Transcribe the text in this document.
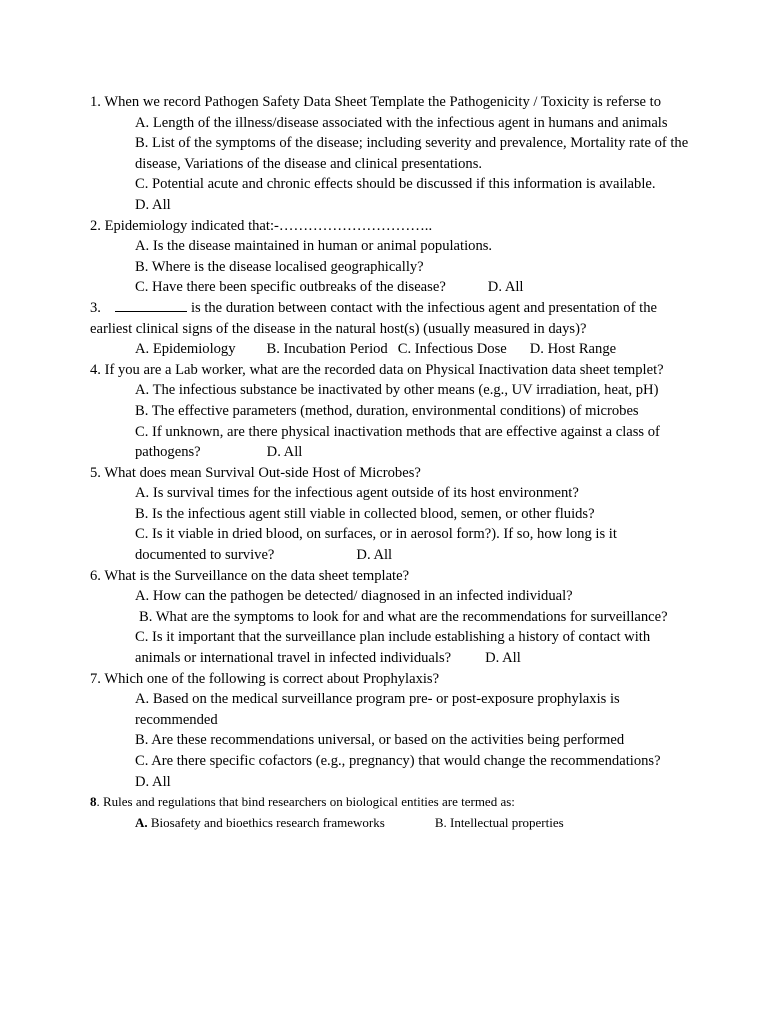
1. When we record Pathogen Safety Data Sheet Template the Pathogenicity / Toxicity is referse to
A. Length of the illness/disease associated with the infectious agent in humans and animals
B. List of the symptoms of the disease; including severity and prevalence, Mortality rate of the disease, Variations of the disease and clinical presentations.
C. Potential acute and chronic effects should be discussed if this information is available.
D. All
2. Epidemiology indicated that:-…………………………..
A. Is the disease maintained in human or animal populations.
B. Where is the disease localised geographically?
C. Have there been specific outbreaks of the disease?	D. All
3.	is the duration between contact with the infectious agent and presentation of the earliest clinical signs of the disease in the natural host(s) (usually measured in days)?
A. Epidemiology B. Incubation Period C. Infectious Dose D. Host Range
4. If you are a Lab worker, what are the recorded data on Physical Inactivation data sheet templet?
A. The infectious substance be inactivated by other means (e.g., UV irradiation, heat, pH)
B. The effective parameters (method, duration, environmental conditions) of microbes
C. If unknown, are there physical inactivation methods that are effective against a class of pathogens?	D. All
5. What does mean Survival Out-side Host of Microbes?
A. Is survival times for the infectious agent outside of its host environment?
B. Is the infectious agent still viable in collected blood, semen, or other fluids?
C. Is it viable in dried blood, on surfaces, or in aerosol form?). If so, how long is it documented to survive?	D. All
6. What is the Surveillance on the data sheet template?
A. How can the pathogen be detected/ diagnosed in an infected individual?
B. What are the symptoms to look for and what are the recommendations for surveillance?
C. Is it important that the surveillance plan include establishing a history of contact with animals or international travel in infected individuals? D. All
7. Which one of the following is correct about Prophylaxis?
A. Based on the medical surveillance program pre- or post-exposure prophylaxis is recommended
B. Are these recommendations universal, or based on the activities being performed
C. Are there specific cofactors (e.g., pregnancy) that would change the recommendations?
D. All
8. Rules and regulations that bind researchers on biological entities are termed as:
A. Biosafety and bioethics research frameworks	B. Intellectual properties
